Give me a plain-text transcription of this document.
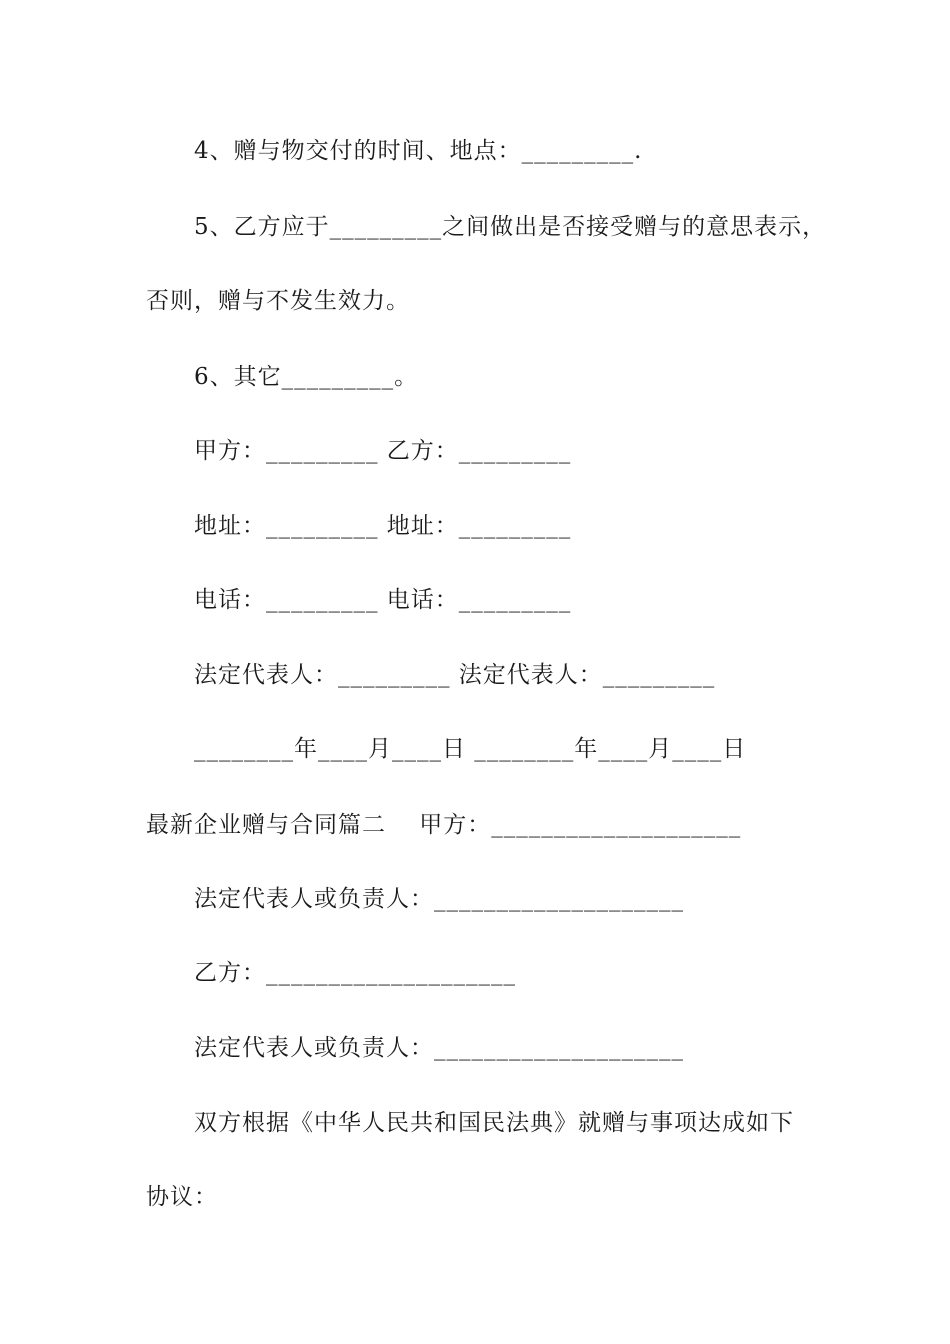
4、赠与物交付的时间、地点：_________.
5、乙方应于_________之间做出是否接受赠与的意思表示，
否则，赠与不发生效力。
6、其它_________。
甲方：_________ 乙方：_________
地址：_________ 地址：_________
电话：_________ 电话：_________
法定代表人：_________ 法定代表人：_________
________年____月____日 ________年____月____日
最新企业赠与合同篇二    甲方：____________________
法定代表人或负责人：____________________
乙方：____________________
法定代表人或负责人：____________________
双方根据《中华人民共和国民法典》就赠与事项达成如下
协议：
